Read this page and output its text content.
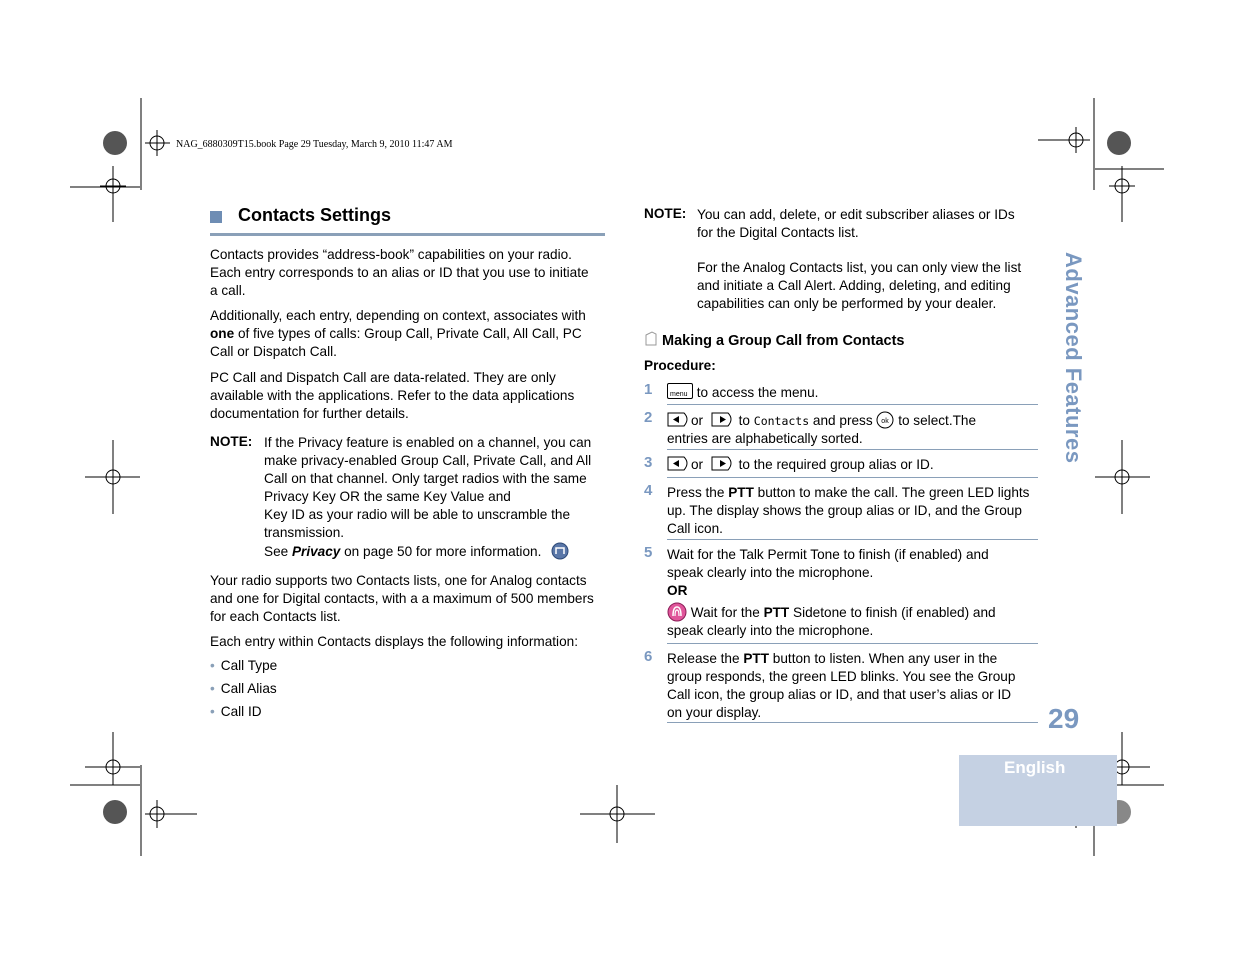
NAG_6880309T15.book Page 29 Tuesday, March 9, 2010 11:47 AM
Contacts Settings
Contacts provides “address-book” capabilities on your radio.
Each entry corresponds to an alias or ID that you use to initiate
a call.
Additionally, each entry, depending on context, associates with
one of five types of calls: Group Call, Private Call, All Call, PC
Call or Dispatch Call.
PC Call and Dispatch Call are data-related. They are only
available with the applications. Refer to the data applications
documentation for further details.
NOTE: If the Privacy feature is enabled on a channel, you can
make privacy-enabled Group Call, Private Call, and All
Call on that channel. Only target radios with the same
Privacy Key OR the same Key Value and
Key ID as your radio will be able to unscramble the
transmission.
See Privacy on page 50 for more information.
Your radio supports two Contacts lists, one for Analog contacts
and one for Digital contacts, with a a maximum of 500 members
for each Contacts list.
Each entry within Contacts displays the following information:
• Call Type
• Call Alias
• Call ID
NOTE: You can add, delete, or edit subscriber aliases or IDs
for the Digital Contacts list.
For the Analog Contacts list, you can only view the list
and initiate a Call Alert. Adding, deleting, and editing
capabilities can only be performed by your dealer.
Making a Group Call from Contacts
Procedure:
1	menu to access the menu.
2	or  to Contacts and press ok to select.The
entries are alphabetically sorted.
3	or  to the required group alias or ID.
4 Press the PTT button to make the call. The green LED lights
up. The display shows the group alias or ID, and the Group
Call icon.
5 Wait for the Talk Permit Tone to finish (if enabled) and
speak clearly into the microphone.
OR
Wait for the PTT Sidetone to finish (if enabled) and
speak clearly into the microphone.
6 Release the PTT button to listen. When any user in the
group responds, the green LED blinks. You see the Group
Call icon, the group alias or ID, and that user’s alias or ID
on your display.
Advanced Features
29
English
